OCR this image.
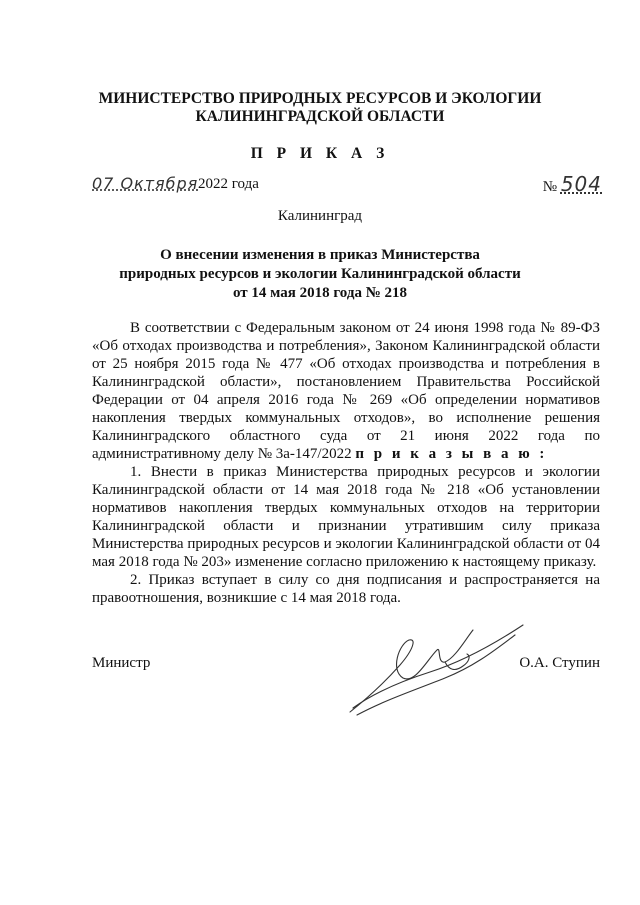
МИНИСТЕРСТВО ПРИРОДНЫХ РЕСУРСОВ И ЭКОЛОГИИ
КАЛИНИНГРАДСКОЙ ОБЛАСТИ
П Р И К А З
07 Октября 2022 года	№ 504
Калининград
О внесении изменения в приказ Министерства
природных ресурсов и экологии Калининградской области
от 14 мая 2018 года № 218

В соответствии с Федеральным законом от 24 июня 1998 года № 89-ФЗ «Об отходах производства и потребления», Законом Калининградской области от 25 ноября 2015 года № 477 «Об отходах производства и потребления в Калининградской области», постановлением Правительства Российской Федерации от 04 апреля 2016 года № 269 «Об определении нормативов накопления твердых коммунальных отходов», во исполнение решения Калининградского областного суда от 21 июня 2022 года по административному делу № 3а-147/2022 п р и к а з ы в а ю :

1. Внести в приказ Министерства природных ресурсов и экологии Калининградской области от 14 мая 2018 года № 218 «Об установлении нормативов накопления твердых коммунальных отходов на территории Калининградской области и признании утратившим силу приказа Министерства природных ресурсов и экологии Калининградской области от 04 мая 2018 года № 203» изменение согласно приложению к настоящему приказу.

2. Приказ вступает в силу со дня подписания и распространяется на правоотношения, возникшие с 14 мая 2018 года.

Министр	О.А. Ступин
